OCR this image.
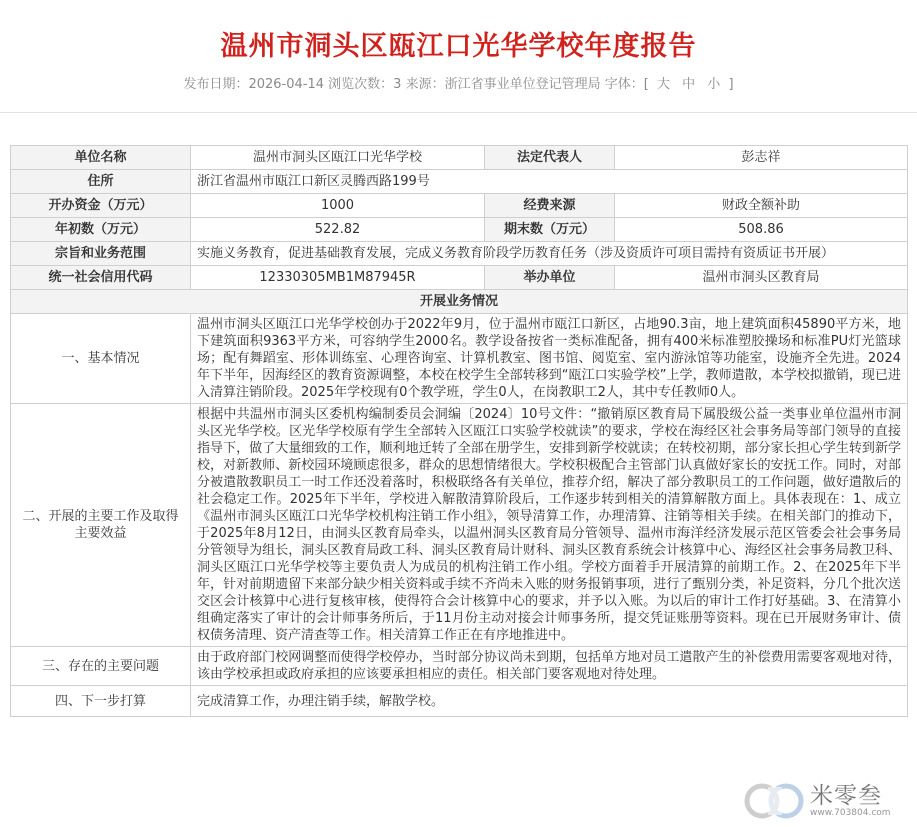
温州市洞头区瓯江口光华学校年度报告
发布日期：2026-04-14 浏览次数：3 来源：浙江省事业单位登记管理局 字体：[ 大 中 小 ]
单位名称	温州市洞头区瓯江口光华学校	法定代表人	彭志祥
住所	浙江省温州市瓯江口新区灵腾西路199号		
开办资金（万元）	1000	经费来源	财政全额补助
年初数（万元）	522.82	期末数（万元）	508.86
宗旨和业务范围	实施义务教育，促进基础教育发展，完成义务教育阶段学历教育任务（涉及资质许可项目需持有资质证书开展）		
统一社会信用代码	12330305MB1M87945R	举办单位	温州市洞头区教育局
开展业务情况			
一、基本情况	温州市洞头区瓯江口光华学校创办于2022年9月，位于温州市瓯江口新区，占地90.3亩，地上建筑面积45890平方米，地下建筑面积9363平方米，可容纳学生2000名。教学设备按省一类标准配备，拥有400米标准塑胶操场和标准PU灯光篮球场；配有舞蹈室、形体训练室、心理咨询室、计算机教室、图书馆、阅览室、室内游泳馆等功能室，设施齐全先进。2024年下半年，因海经区的教育资源调整，本校在校学生全部转移到“瓯江口实验学校”上学，教师遣散，本学校拟撤销，现已进入清算注销阶段。2025年学校现有0个教学班，学生0人，在岗教职工2人，其中专任教师0人。		
二、开展的主要工作及取得主要效益	根据中共温州市洞头区委机构编制委员会洞编〔2024〕10号文件：“撤销原区教育局下属股级公益一类事业单位温州市洞头区光华学校。区光华学校原有学生全部转入区瓯江口实验学校就读”的要求，学校在海经区社会事务局等部门领导的直接指导下，做了大量细致的工作，顺利地迁转了全部在册学生，安排到新学校就读；在转校初期，部分家长担心学生转到新学校，对新教师、新校园环境顾虑很多，群众的思想情绪很大。学校积极配合主管部门认真做好家长的安抚工作。同时，对部分被遣散教职员工一时工作还没着落时，积极联络各有关单位，推荐介绍，解决了部分教职员工的工作问题，做好遣散后的社会稳定工作。2025年下半年，学校进入解散清算阶段后，工作逐步转到相关的清算解散方面上。具体表现在：1、成立《温州市洞头区瓯江口光华学校机构注销工作小组》，领导清算工作，办理清算、注销等相关手续。在相关部门的推动下，于2025年8月12日，由洞头区教育局牵头，以温州洞头区教育局分管领导、温州市海洋经济发展示范区管委会社会事务局分管领导为组长，洞头区教育局政工科、洞头区教育局计财科、洞头区教育系统会计核算中心、海经区社会事务局教卫科、洞头区瓯江口光华学校等主要负责人为成员的机构注销工作小组。学校方面着手开展清算的前期工作。2、在2025年下半年，针对前期遗留下来部分缺少相关资料或手续不齐尚未入账的财务报销事项，进行了甄别分类，补足资料，分几个批次送交区会计核算中心进行复核审核，使得符合会计核算中心的要求，并予以入账。为以后的审计工作打好基础。3、在清算小组确定落实了审计的会计师事务所后，于11月份主动对接会计师事务所，提交凭证账册等资料。现在已开展财务审计、债权债务清理、资产清查等工作。相关清算工作正在有序地推进中。		
三、存在的主要问题	由于政府部门校网调整而使得学校停办，当时部分协议尚未到期，包括单方地对员工遣散产生的补偿费用需要客观地对待，该由学校承担或政府承担的应该要承担相应的责任。相关部门要客观地对待处理。		
四、下一步打算	完成清算工作，办理注销手续，解散学校。		
米零叁
www.703804.com
